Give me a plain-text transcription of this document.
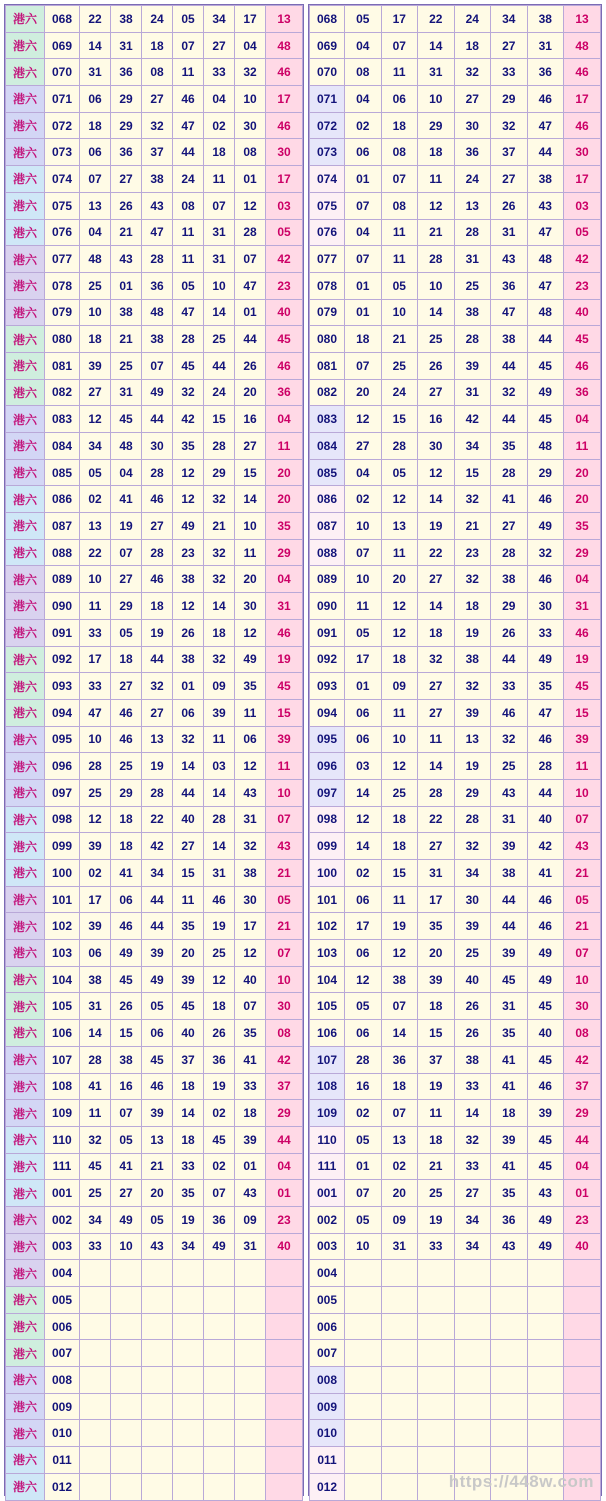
港六	068	22	38	24	05	34	17	13
港六	069	14	31	18	07	27	04	48
港六	070	31	36	08	11	33	32	46
港六	071	06	29	27	46	04	10	17
港六	072	18	29	32	47	02	30	46
港六	073	06	36	37	44	18	08	30
港六	074	07	27	38	24	11	01	17
港六	075	13	26	43	08	07	12	03
港六	076	04	21	47	11	31	28	05
港六	077	48	43	28	11	31	07	42
港六	078	25	01	36	05	10	47	23
港六	079	10	38	48	47	14	01	40
港六	080	18	21	38	28	25	44	45
港六	081	39	25	07	45	44	26	46
港六	082	27	31	49	32	24	20	36
港六	083	12	45	44	42	15	16	04
港六	084	34	48	30	35	28	27	11
港六	085	05	04	28	12	29	15	20
港六	086	02	41	46	12	32	14	20
港六	087	13	19	27	49	21	10	35
港六	088	22	07	28	23	32	11	29
港六	089	10	27	46	38	32	20	04
港六	090	11	29	18	12	14	30	31
港六	091	33	05	19	26	18	12	46
港六	092	17	18	44	38	32	49	19
港六	093	33	27	32	01	09	35	45
港六	094	47	46	27	06	39	11	15
港六	095	10	46	13	32	11	06	39
港六	096	28	25	19	14	03	12	11
港六	097	25	29	28	44	14	43	10
港六	098	12	18	22	40	28	31	07
港六	099	39	18	42	27	14	32	43
港六	100	02	41	34	15	31	38	21
港六	101	17	06	44	11	46	30	05
港六	102	39	46	44	35	19	17	21
港六	103	06	49	39	20	25	12	07
港六	104	38	45	49	39	12	40	10
港六	105	31	26	05	45	18	07	30
港六	106	14	15	06	40	26	35	08
港六	107	28	38	45	37	36	41	42
港六	108	41	16	46	18	19	33	37
港六	109	11	07	39	14	02	18	29
港六	110	32	05	13	18	45	39	44
港六	111	45	41	21	33	02	01	04
港六	001	25	27	20	35	07	43	01
港六	002	34	49	05	19	36	09	23
港六	003	33	10	43	34	49	31	40
港六	004							
港六	005							
港六	006							
港六	007							
港六	008							
港六	009							
港六	010							
港六	011							
港六	012							
068	05	17	22	24	34	38	13
069	04	07	14	18	27	31	48
070	08	11	31	32	33	36	46
071	04	06	10	27	29	46	17
072	02	18	29	30	32	47	46
073	06	08	18	36	37	44	30
074	01	07	11	24	27	38	17
075	07	08	12	13	26	43	03
076	04	11	21	28	31	47	05
077	07	11	28	31	43	48	42
078	01	05	10	25	36	47	23
079	01	10	14	38	47	48	40
080	18	21	25	28	38	44	45
081	07	25	26	39	44	45	46
082	20	24	27	31	32	49	36
083	12	15	16	42	44	45	04
084	27	28	30	34	35	48	11
085	04	05	12	15	28	29	20
086	02	12	14	32	41	46	20
087	10	13	19	21	27	49	35
088	07	11	22	23	28	32	29
089	10	20	27	32	38	46	04
090	11	12	14	18	29	30	31
091	05	12	18	19	26	33	46
092	17	18	32	38	44	49	19
093	01	09	27	32	33	35	45
094	06	11	27	39	46	47	15
095	06	10	11	13	32	46	39
096	03	12	14	19	25	28	11
097	14	25	28	29	43	44	10
098	12	18	22	28	31	40	07
099	14	18	27	32	39	42	43
100	02	15	31	34	38	41	21
101	06	11	17	30	44	46	05
102	17	19	35	39	44	46	21
103	06	12	20	25	39	49	07
104	12	38	39	40	45	49	10
105	05	07	18	26	31	45	30
106	06	14	15	26	35	40	08
107	28	36	37	38	41	45	42
108	16	18	19	33	41	46	37
109	02	07	11	14	18	39	29
110	05	13	18	32	39	45	44
111	01	02	21	33	41	45	04
001	07	20	25	27	35	43	01
002	05	09	19	34	36	49	23
003	10	31	33	34	43	49	40
004							
005							
006							
007							
008							
009							
010							
011							
012								https://448w.com
